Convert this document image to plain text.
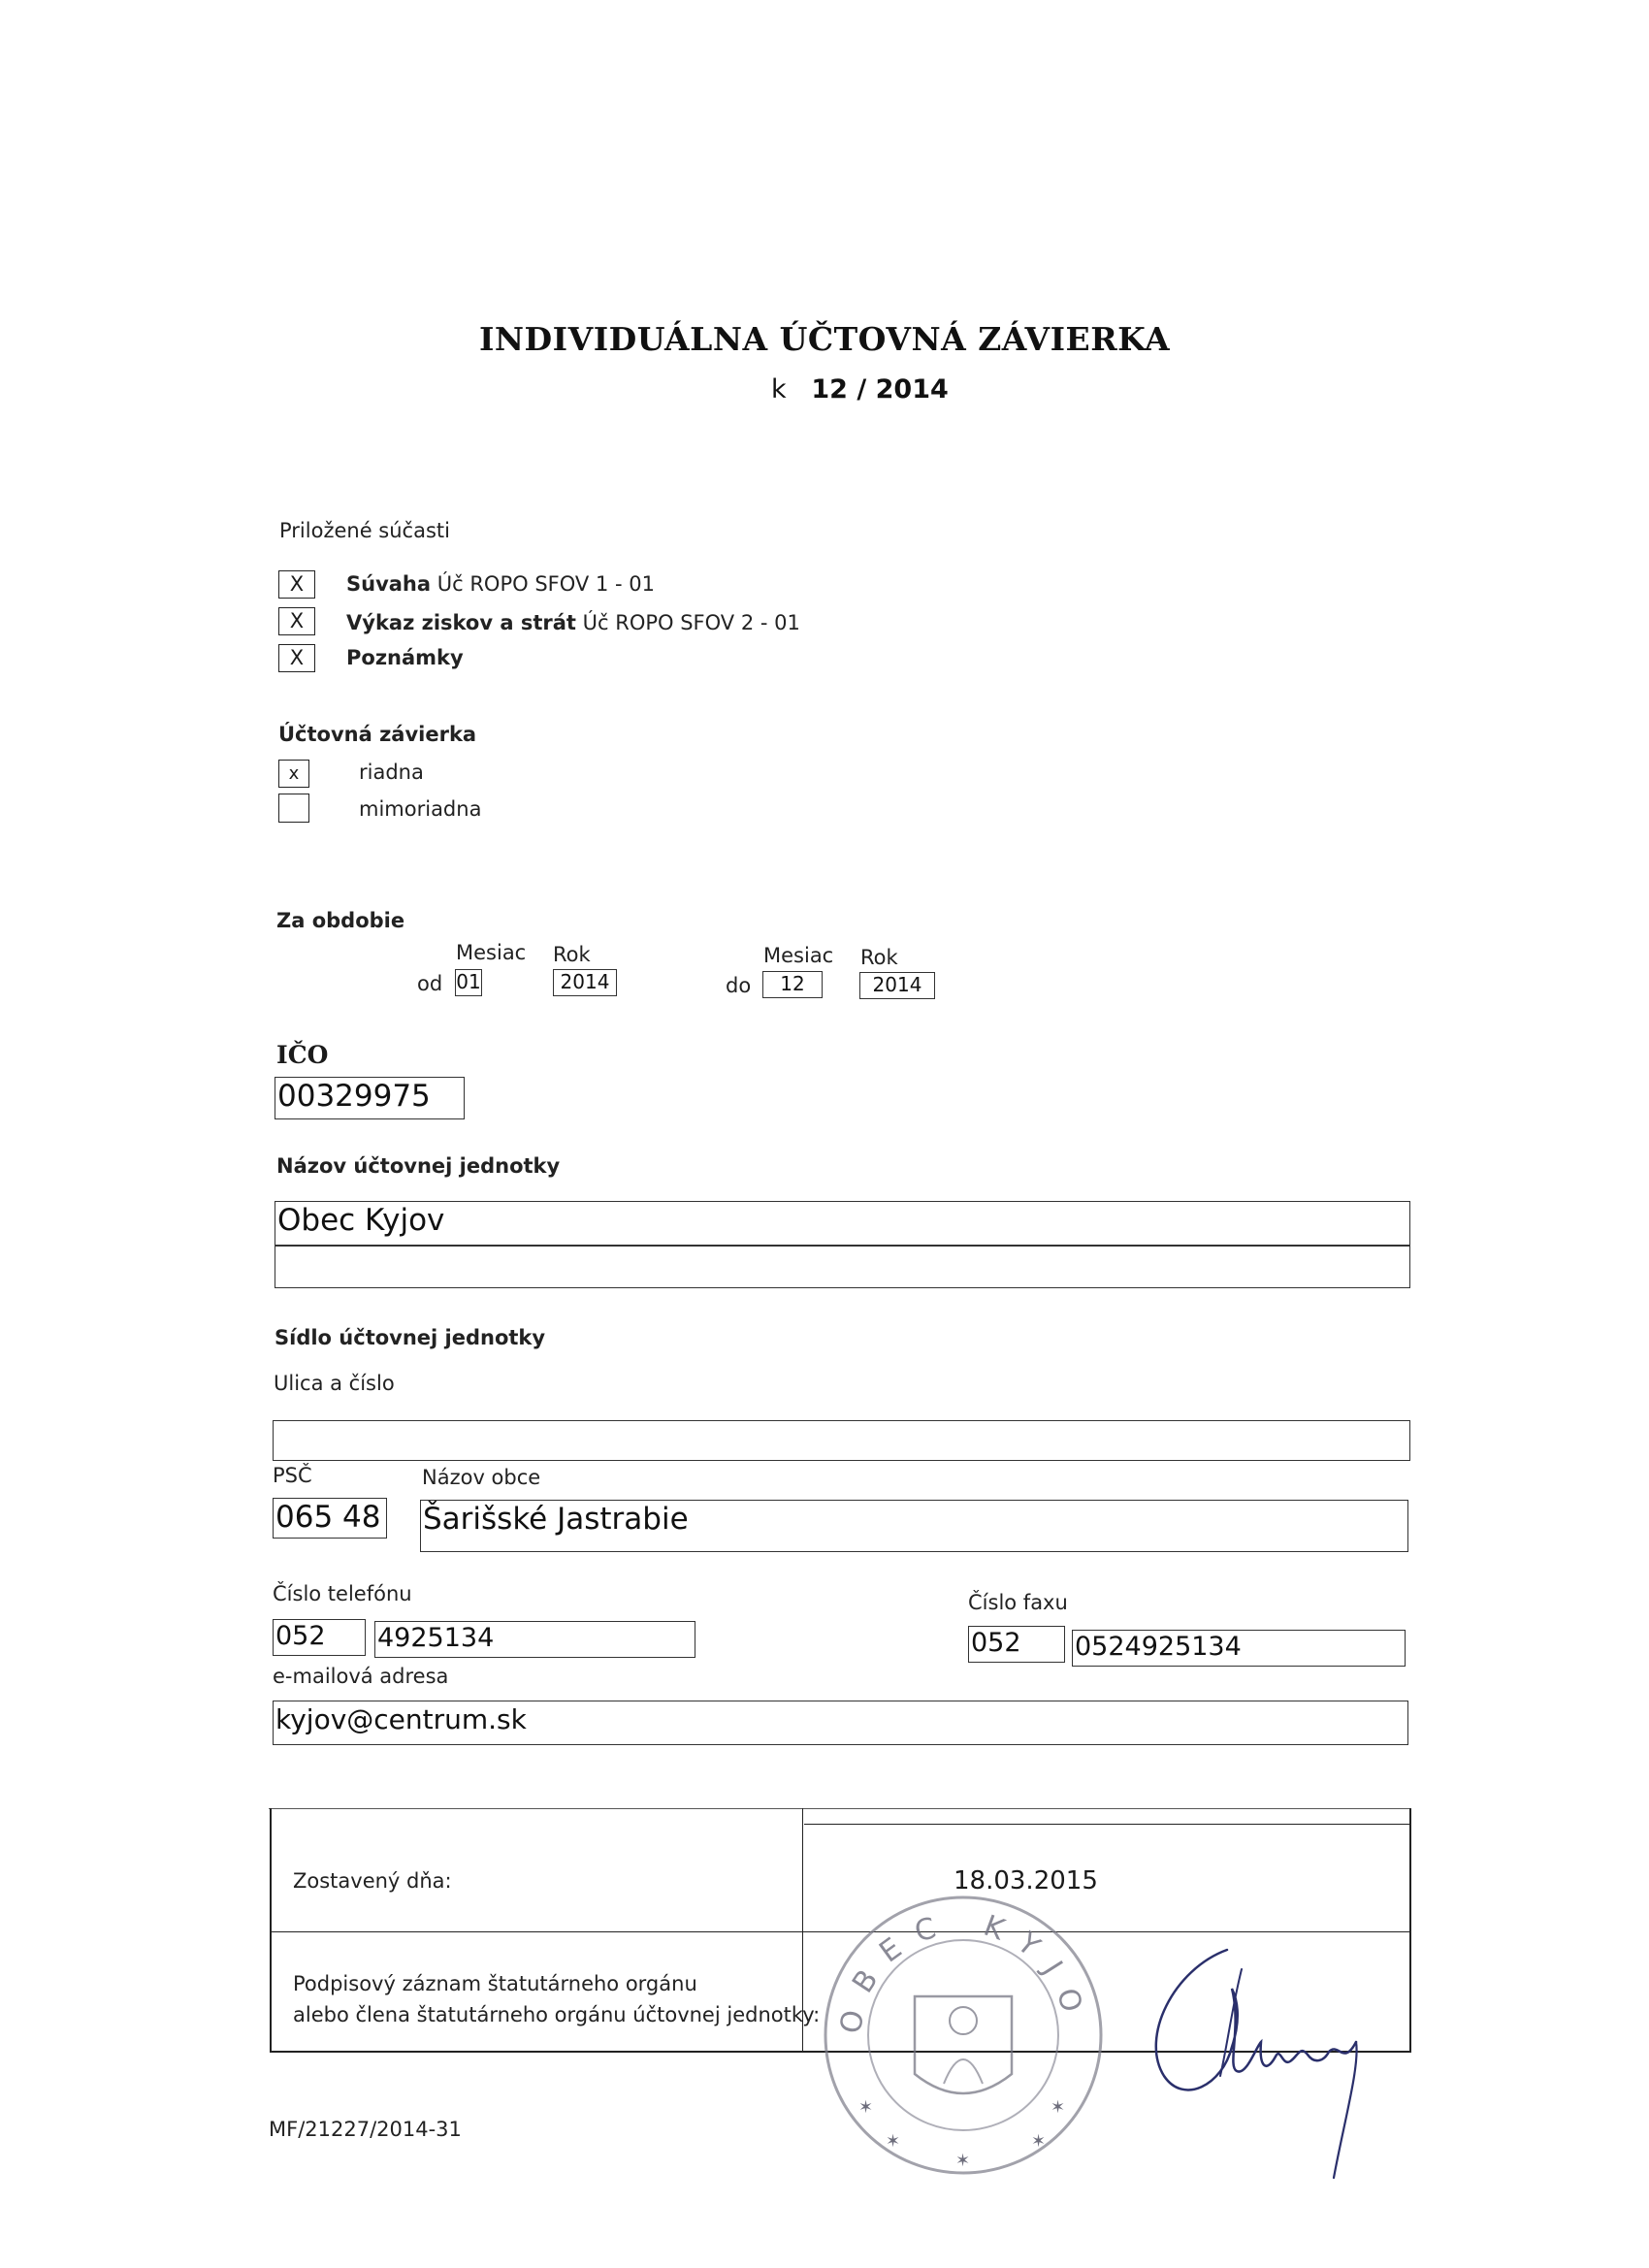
INDIVIDUÁLNA ÚČTOVNÁ ZÁVIERKA
k 12 / 2014
Priložené súčasti
X	Súvaha Úč ROPO SFOV 1 - 01
X	Výkaz ziskov a strát Úč ROPO SFOV 2 - 01
X	Poznámky
Účtovná závierka
x	riadna
mimoriadna
Za obdobie
Mesiac Rok
od 01	2014
Mesiac Rok
do	12	2014
IČO
00329975
Názov účtovnej jednotky
Obec Kyjov
Sídlo účtovnej jednotky
Ulica a číslo
PSČ	Názov obce
065 48 Šarišské Jastrabie
Číslo telefónu
052	4925134
Číslo faxu
052	0524925134
e-mailová adresa
kyjov@centrum.sk
Zostavený dňa:	18.03.2015
Podpisový záznam štatutárneho orgánu
alebo člena štatutárneho orgánu účtovnej jednotky: OBEC KYJO
✶	✶
✶	✶
✶
MF/21227/2014-31
